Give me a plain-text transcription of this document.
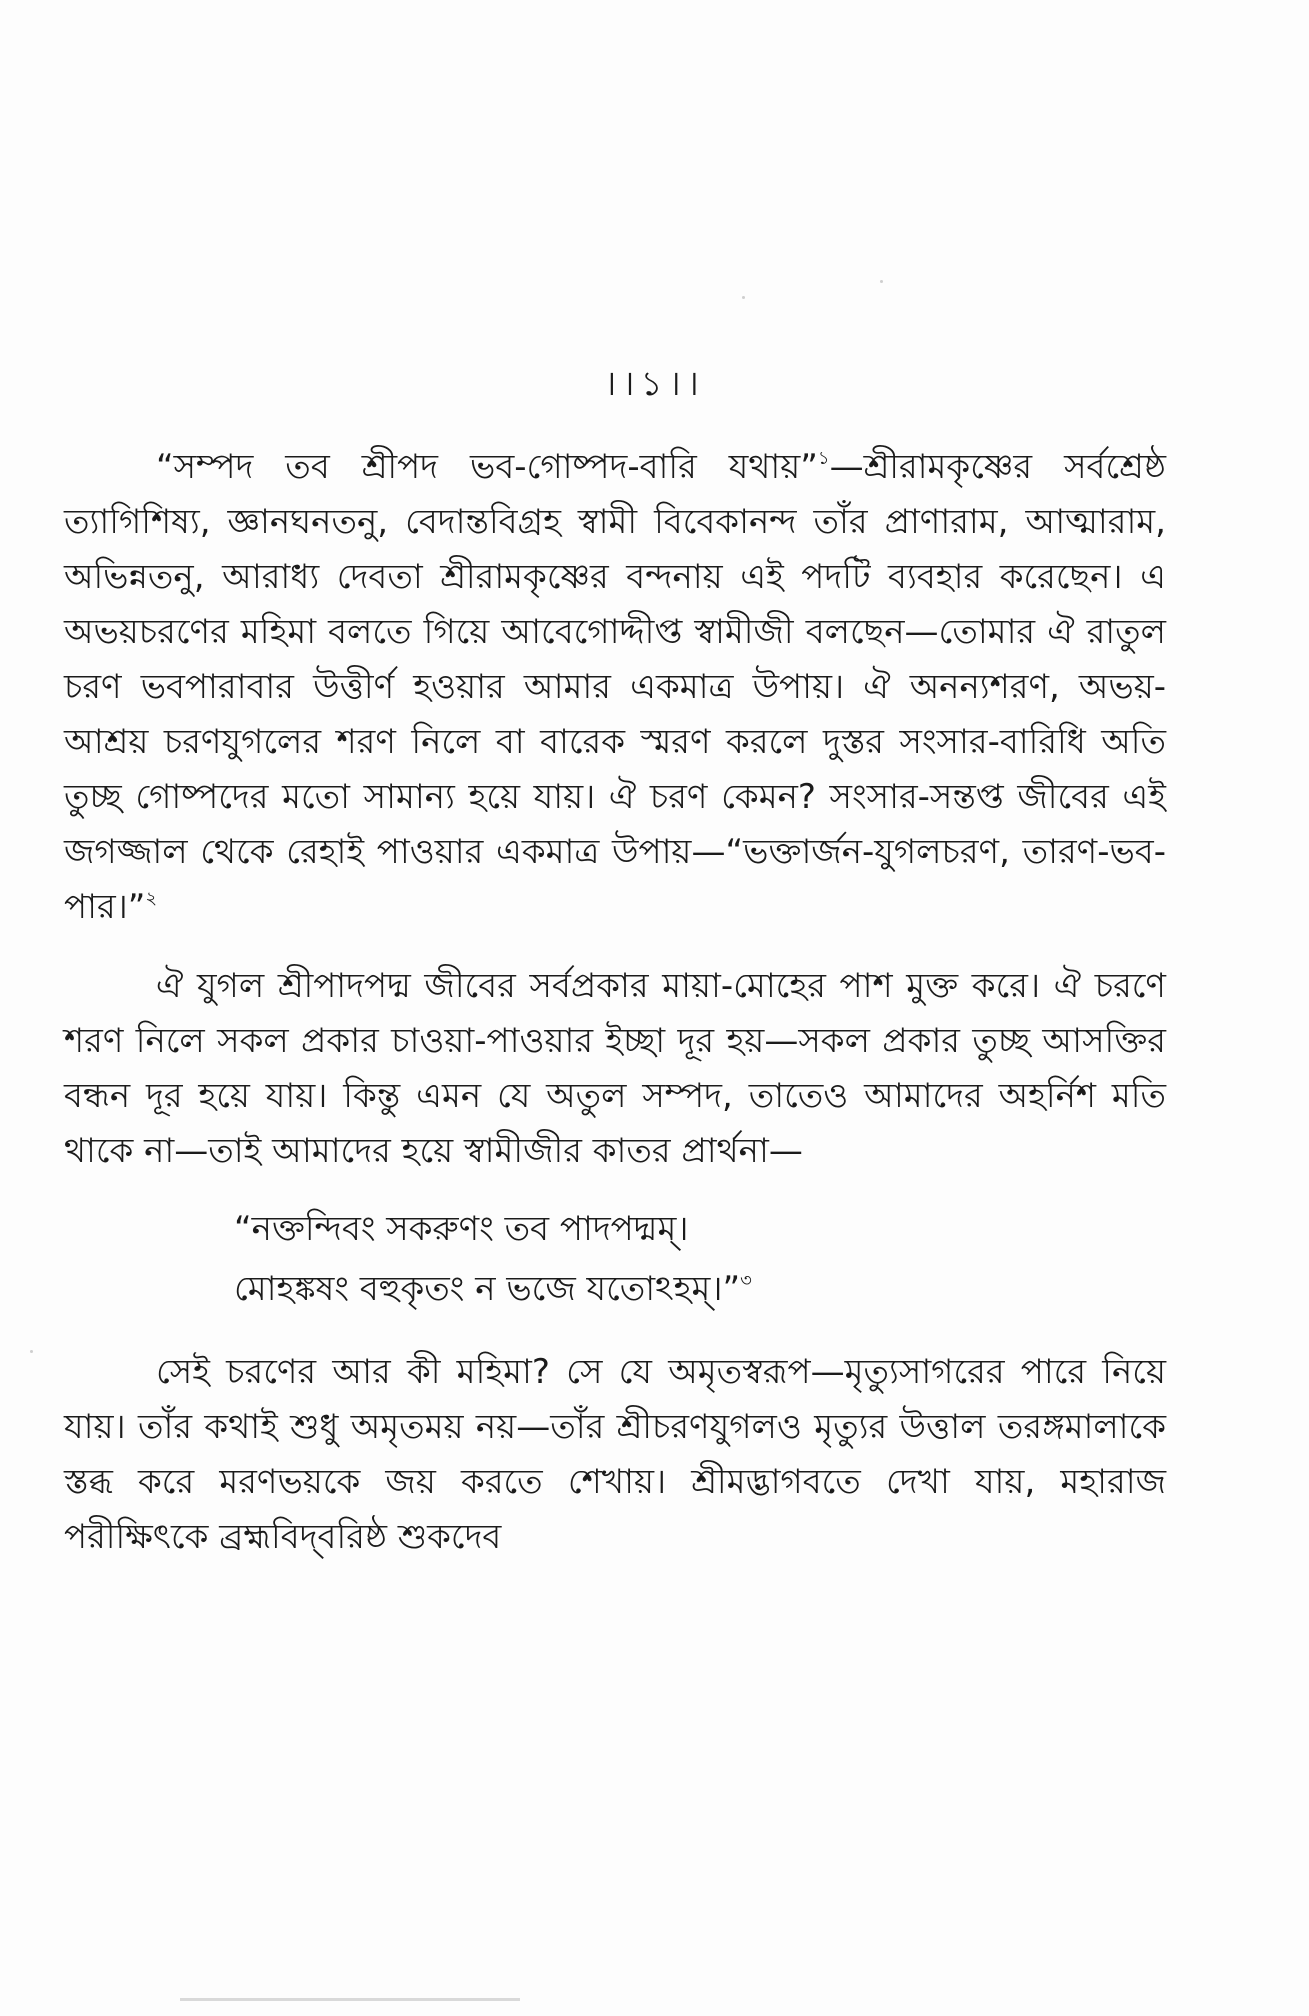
।।১।।

“সম্পদ তব শ্রীপদ ভব-গোষ্পদ-বারি যথায়”$^১$—শ্রীরামকৃষ্ণের সর্বশ্রেষ্ঠ ত্যাগিশিষ্য, জ্ঞানঘনতনু, বেদান্তবিগ্রহ স্বামী বিবেকানন্দ তাঁর প্রাণারাম, আত্মারাম, অভিন্নতনু, আরাধ্য দেবতা শ্রীরামকৃষ্ণের বন্দনায় এই পদটি ব্যবহার করেছেন। এ অভয়চরণের মহিমা বলতে গিয়ে আবেগোদ্দীপ্ত স্বামীজী বলছেন—তোমার ঐ রাতুল চরণ ভবপারাবার উত্তীর্ণ হওয়ার আমার একমাত্র উপায়। ঐ অনন্যশরণ, অভয়-আশ্রয় চরণযুগলের শরণ নিলে বা বারেক স্মরণ করলে দুস্তর সংসার-বারিধি অতি তুচ্ছ গোষ্পদের মতো সামান্য হয়ে যায়। ঐ চরণ কেমন? সংসার-সন্তপ্ত জীবের এই জগজ্জাল থেকে রেহাই পাওয়ার একমাত্র উপায়—“ভক্তার্জন-যুগলচরণ, তারণ-ভব-পার।”$^২$

ঐ যুগল শ্রীপাদপদ্ম জীবের সর্বপ্রকার মায়া-মোহের পাশ মুক্ত করে। ঐ চরণে শরণ নিলে সকল প্রকার চাওয়া-পাওয়ার ইচ্ছা দূর হয়—সকল প্রকার তুচ্ছ আসক্তির বন্ধন দূর হয়ে যায়। কিন্তু এমন যে অতুল সম্পদ, তাতেও আমাদের অহর্নিশ মতি থাকে না—তাই আমাদের হয়ে স্বামীজীর কাতর প্রার্থনা—

“নক্তন্দিবং সকরুণং তব পাদপদ্মম্।
মোহঙ্কষং বহুকৃতং ন ভজে যতোঽহম্।”$^৩$

সেই চরণের আর কী মহিমা? সে যে অমৃতস্বরূপ—মৃত্যুসাগরের পারে নিয়ে যায়। তাঁর কথাই শুধু অমৃতময় নয়—তাঁর শ্রীচরণযুগলও মৃত্যুর উত্তাল তরঙ্গমালাকে স্তব্ধ করে মরণভয়কে জয় করতে শেখায়। শ্রীমদ্ভাগবতে দেখা যায়, মহারাজ পরীক্ষিৎকে ব্রহ্মবিদ্‌বরিষ্ঠ শুকদেব
